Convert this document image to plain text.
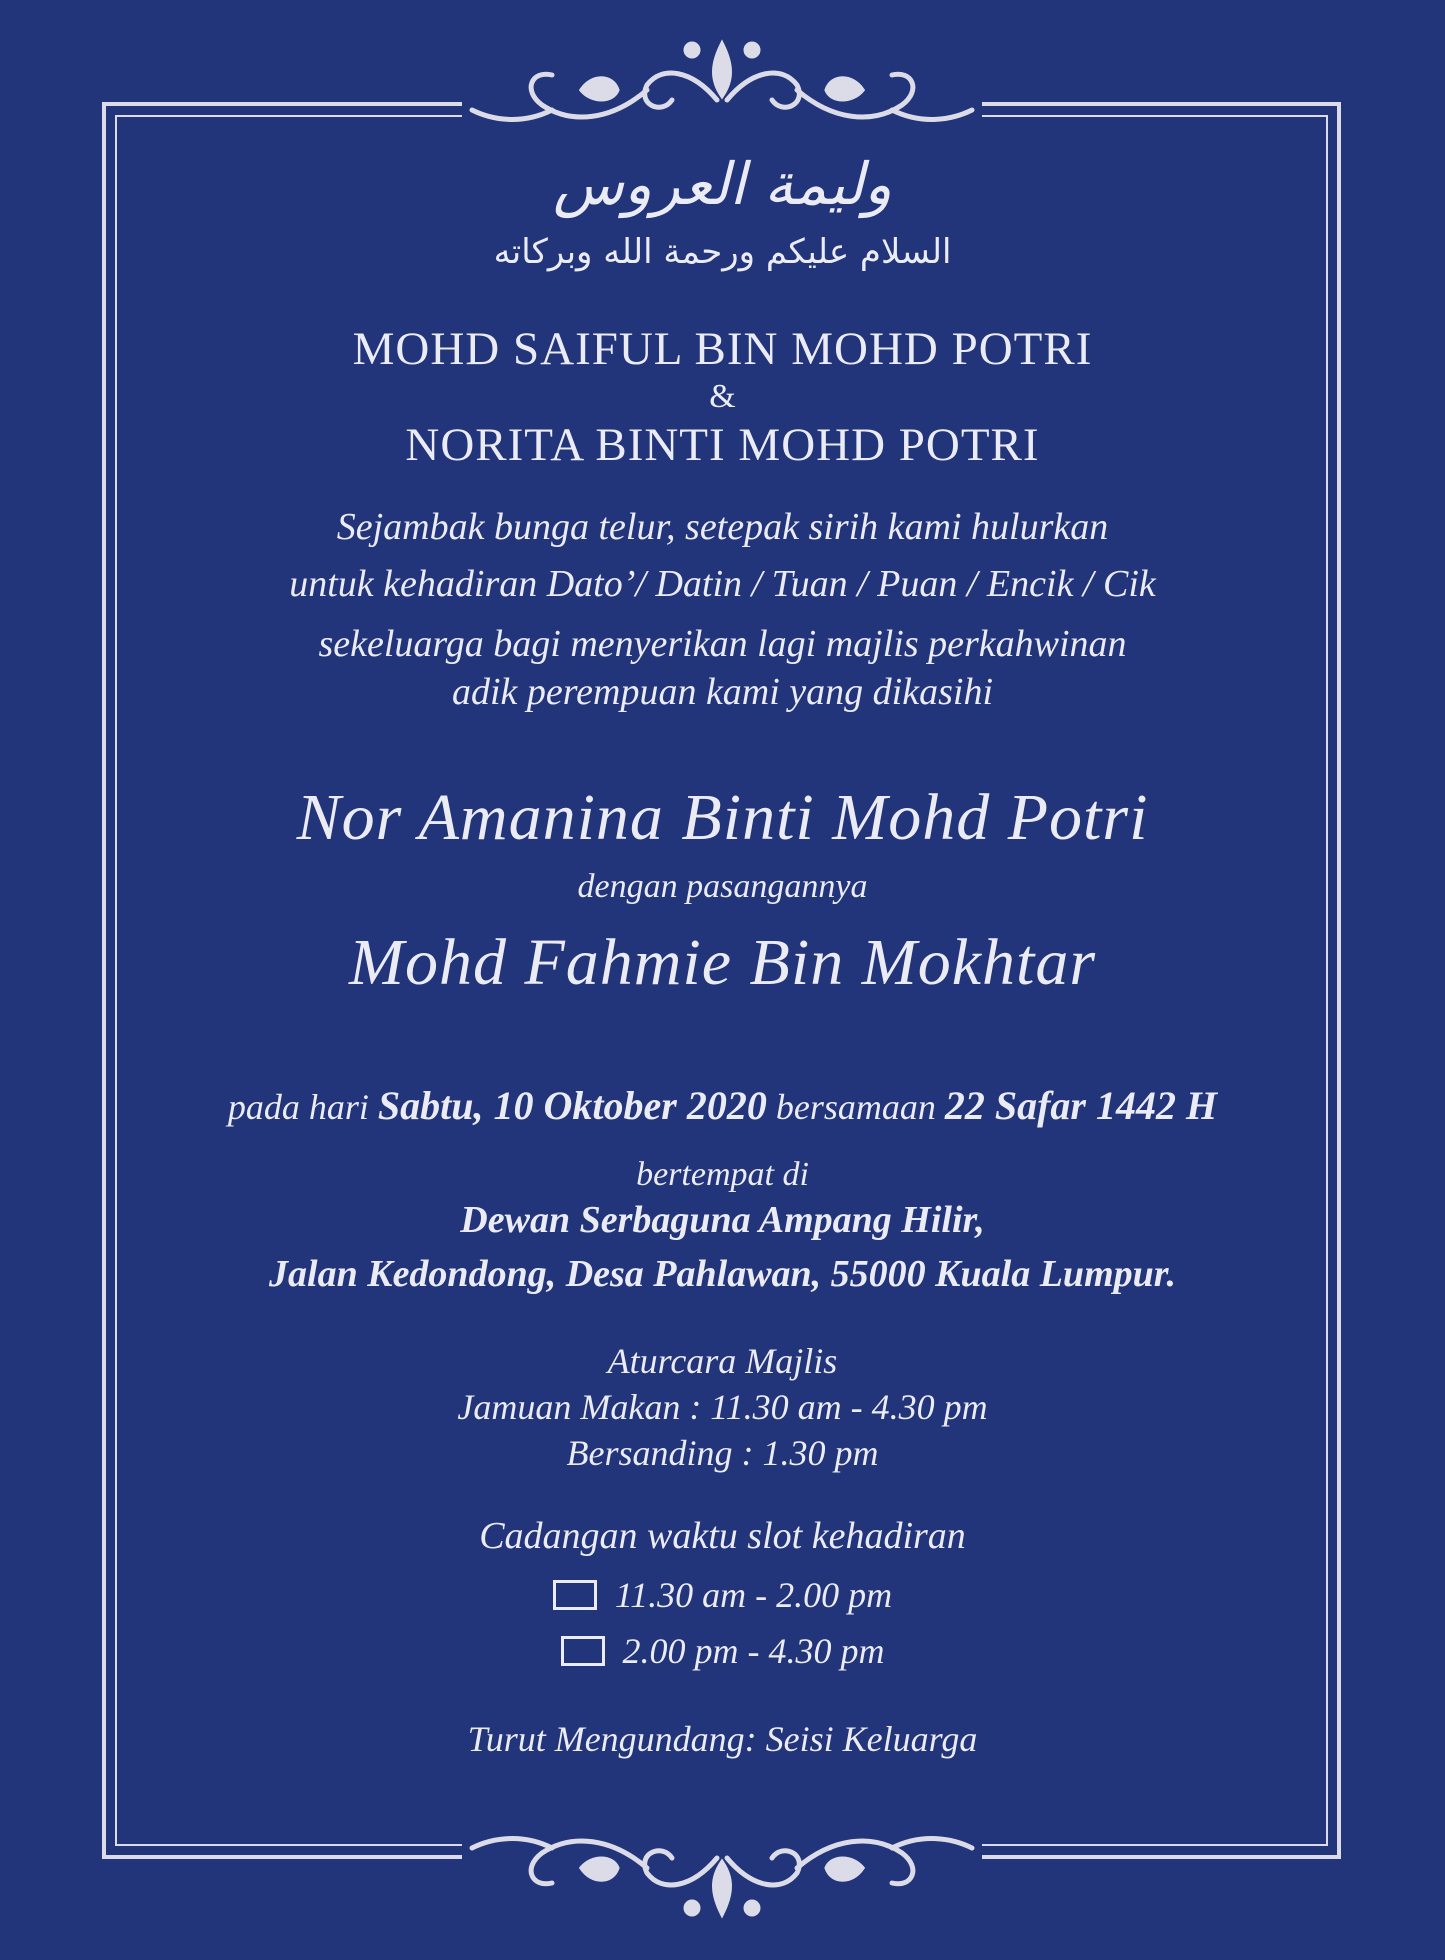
وليمة العروس
السلام عليكم ورحمة الله وبركاته
MOHD SAIFUL BIN MOHD POTRI
&
NORITA BINTI MOHD POTRI
Sejambak bunga telur, setepak sirih kami hulurkan
untuk kehadiran Dato’/ Datin / Tuan / Puan / Encik / Cik
sekeluarga bagi menyerikan lagi majlis perkahwinan
adik perempuan kami yang dikasihi
Nor Amanina Binti Mohd Potri
dengan pasangannya
Mohd Fahmie Bin Mokhtar
pada hari Sabtu, 10 Oktober 2020 bersamaan 22 Safar 1442 H
bertempat di
Dewan Serbaguna Ampang Hilir,
Jalan Kedondong, Desa Pahlawan, 55000 Kuala Lumpur.
Aturcara Majlis
Jamuan Makan : 11.30 am - 4.30 pm
Bersanding : 1.30 pm
Cadangan waktu slot kehadiran
11.30 am - 2.00 pm
2.00 pm - 4.30 pm
Turut Mengundang: Seisi Keluarga
